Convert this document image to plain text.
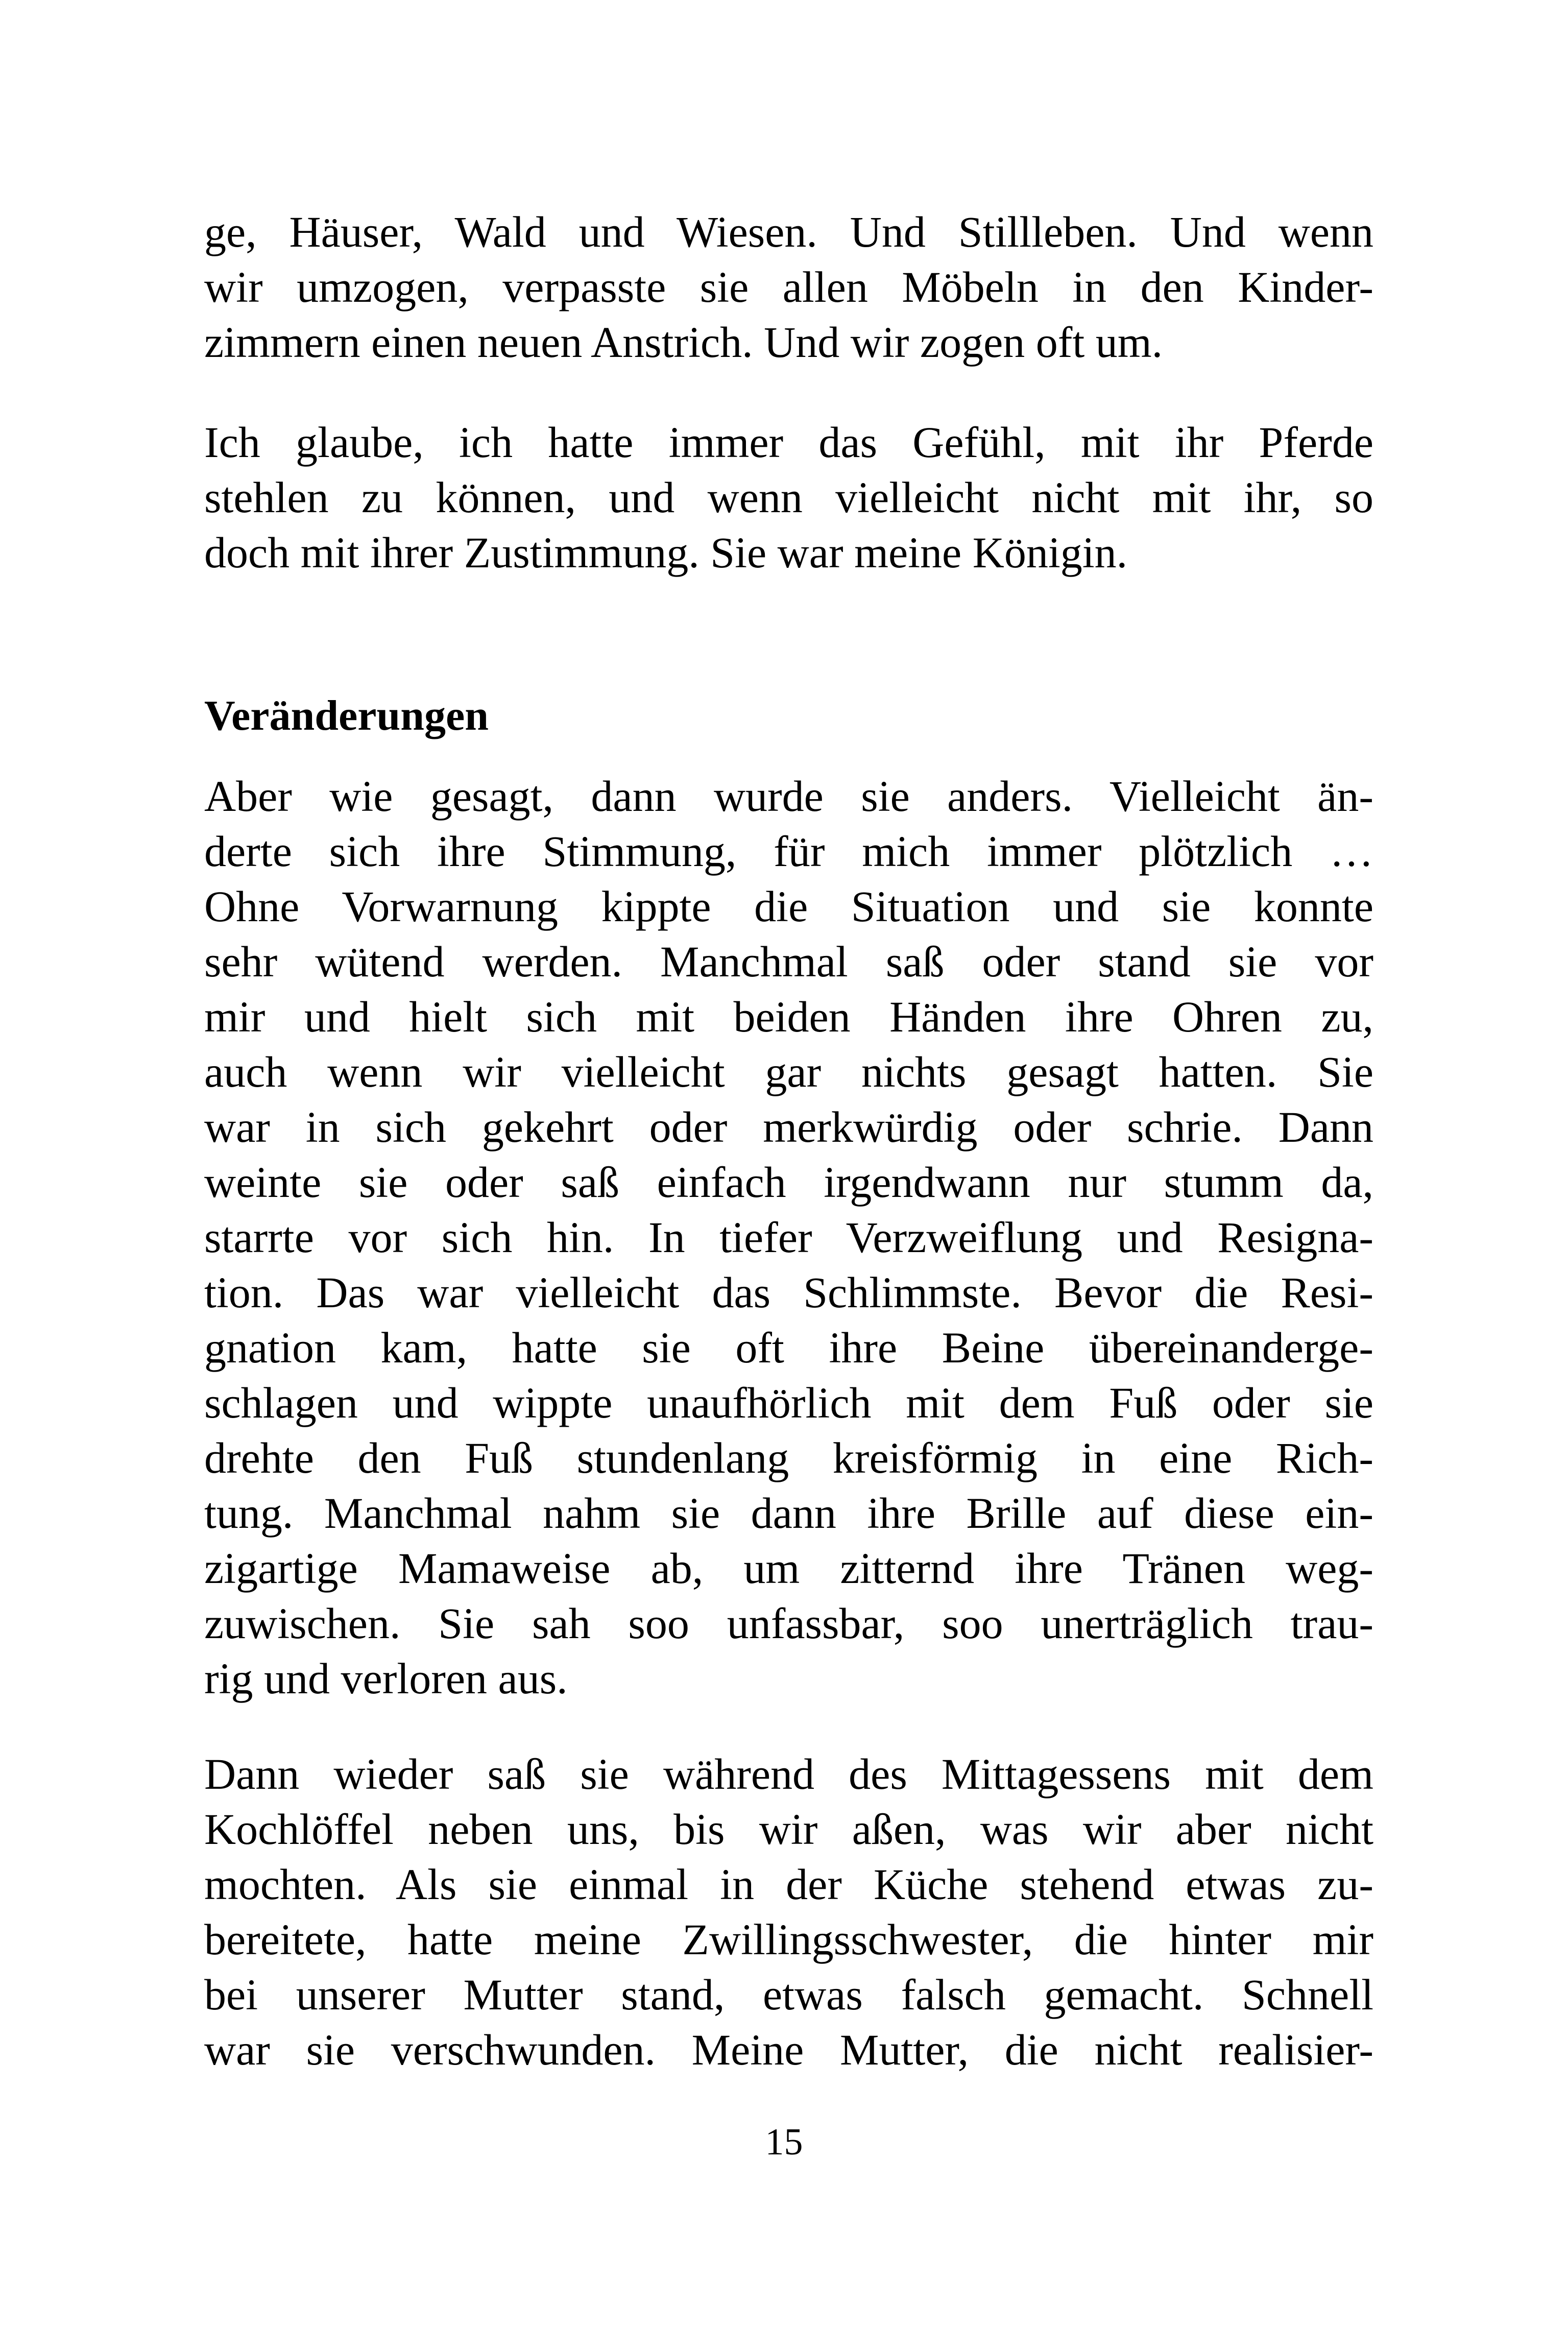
ge, Häuser, Wald und Wiesen. Und Stillleben. Und wenn
wir umzogen, verpasste sie allen Möbeln in den Kinder-
zimmern einen neuen Anstrich. Und wir zogen oft um.

Ich glaube, ich hatte immer das Gefühl, mit ihr Pferde
stehlen zu können, und wenn vielleicht nicht mit ihr, so
doch mit ihrer Zustimmung. Sie war meine Königin.

Veränderungen

Aber wie gesagt, dann wurde sie anders. Vielleicht än-
derte sich ihre Stimmung, für mich immer plötzlich …
Ohne Vorwarnung kippte die Situation und sie konnte
sehr wütend werden. Manchmal saß oder stand sie vor
mir und hielt sich mit beiden Händen ihre Ohren zu,
auch wenn wir vielleicht gar nichts gesagt hatten. Sie
war in sich gekehrt oder merkwürdig oder schrie. Dann
weinte sie oder saß einfach irgendwann nur stumm da,
starrte vor sich hin. In tiefer Verzweiflung und Resigna-
tion. Das war vielleicht das Schlimmste. Bevor die Resi-
gnation kam, hatte sie oft ihre Beine übereinanderge-
schlagen und wippte unaufhörlich mit dem Fuß oder sie
drehte den Fuß stundenlang kreisförmig in eine Rich-
tung. Manchmal nahm sie dann ihre Brille auf diese ein-
zigartige Mamaweise ab, um zitternd ihre Tränen weg-
zuwischen. Sie sah soo unfassbar, soo unerträglich trau-
rig und verloren aus.

Dann wieder saß sie während des Mittagessens mit dem
Kochlöffel neben uns, bis wir aßen, was wir aber nicht
mochten. Als sie einmal in der Küche stehend etwas zu-
bereitete, hatte meine Zwillingsschwester, die hinter mir
bei unserer Mutter stand, etwas falsch gemacht. Schnell
war sie verschwunden. Meine Mutter, die nicht realisier-

15
